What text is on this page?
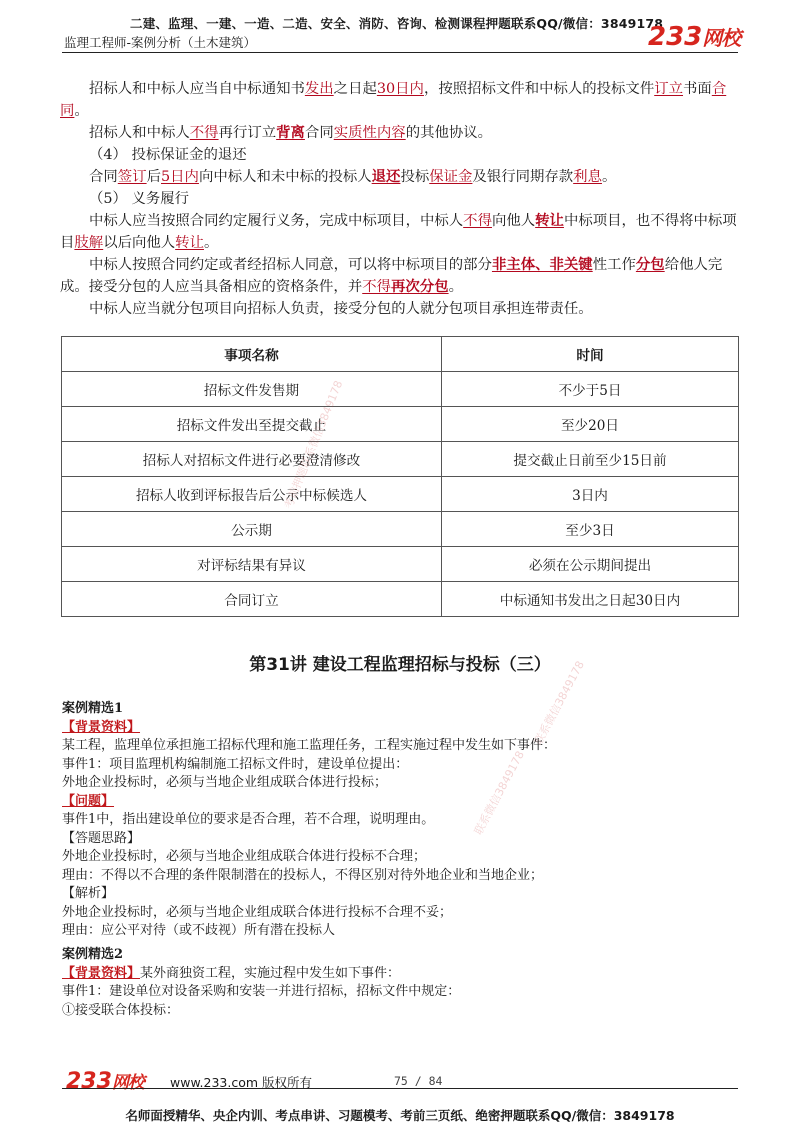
二建、监理、一建、一造、二造、安全、消防、咨询、检测课程押题联系QQ/微信：3849178
监理工程师-案例分析（土木建筑）	233网校

招标人和中标人应当自中标通知书发出之日起30日内，按照招标文件和中标人的投标文件订立书面合同。

招标人和中标人不得再行订立背离合同实质性内容的其他协议。

（4） 投标保证金的退还

合同签订后5日内向中标人和未中标的投标人退还投标保证金及银行同期存款利息。

（5） 义务履行

中标人应当按照合同约定履行义务，完成中标项目，中标人不得向他人转让中标项目，也不得将中标项目肢解以后向他人转让。

中标人按照合同约定或者经招标人同意，可以将中标项目的部分非主体、非关键性工作分包给他人完成。接受分包的人应当具备相应的资格条件，并不得再次分包。

中标人应当就分包项目向招标人负责，接受分包的人就分包项目承担连带责任。

事项名称	时间
招标文件发售期	不少于5日
招标文件发出至提交截止	至少20日
招标人对招标文件进行必要澄清修改	提交截止日前至少15日前
招标人收到评标报告后公示中标候选人	3日内
公示期	至少3日
对评标结果有异议	必须在公示期间提出
合同订立	中标通知书发出之日起30日内
考前押题联系微信3849178
联系微信3849178
联系微信3849178
第31讲 建设工程监理招标与投标（三）
案例精选1
【背景资料】
某工程，监理单位承担施工招标代理和施工监理任务，工程实施过程中发生如下事件：
事件1：项目监理机构编制施工招标文件时，建设单位提出：
外地企业投标时，必须与当地企业组成联合体进行投标；
【问题】
事件1中，指出建设单位的要求是否合理，若不合理，说明理由。
【答题思路】
外地企业投标时，必须与当地企业组成联合体进行投标不合理；
理由：不得以不合理的条件限制潜在的投标人，不得区别对待外地企业和当地企业；
【解析】
外地企业投标时，必须与当地企业组成联合体进行投标不合理不妥；
理由：应公平对待（或不歧视）所有潜在投标人
案例精选2
【背景资料】某外商独资工程，实施过程中发生如下事件：
事件1：建设单位对设备采购和安装一并进行招标，招标文件中规定：
①接受联合体投标：
233网校 www.233.com 版权所有	75 / 84
名师面授精华、央企内训、考点串讲、习题模考、考前三页纸、绝密押题联系QQ/微信：3849178
